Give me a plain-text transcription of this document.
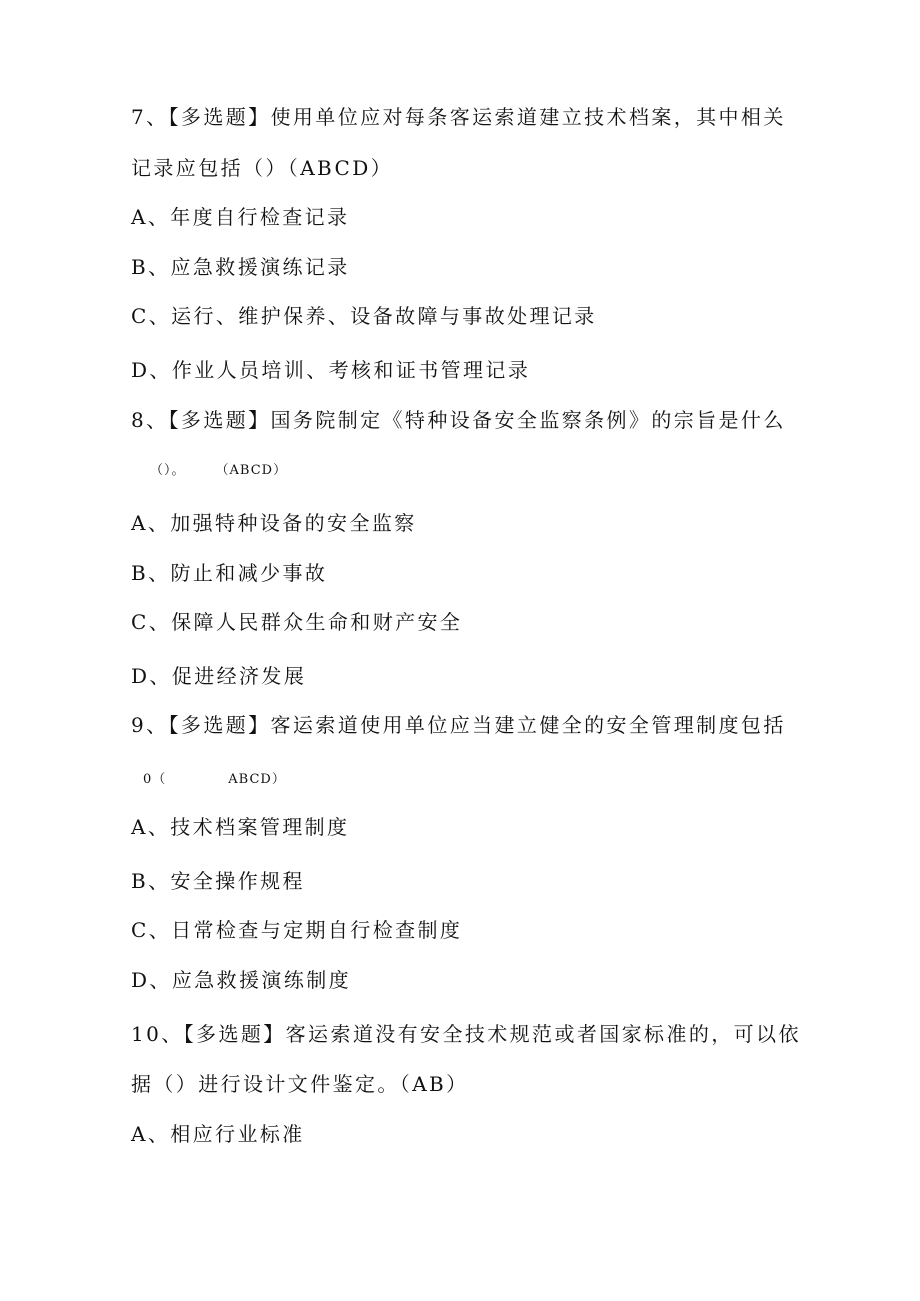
7、【多选题】使用单位应对每条客运索道建立技术档案，其中相关
记录应包括（）（ABCD）
A、年度自行检查记录
B、应急救援演练记录
C、运行、维护保养、设备故障与事故处理记录
D、作业人员培训、考核和证书管理记录
8、【多选题】国务院制定《特种设备安全监察条例》的宗旨是什么
（）。 （ABCD）
A、加强特种设备的安全监察
B、防止和减少事故
C、保障人民群众生命和财产安全
D、促进经济发展
9、【多选题】客运索道使用单位应当建立健全的安全管理制度包括
0（	ABCD）
A、技术档案管理制度
B、安全操作规程
C、日常检查与定期自行检查制度
D、应急救援演练制度
10、【多选题】客运索道没有安全技术规范或者国家标准的，可以依
据（）进行设计文件鉴定。（AB）
A、相应行业标准
